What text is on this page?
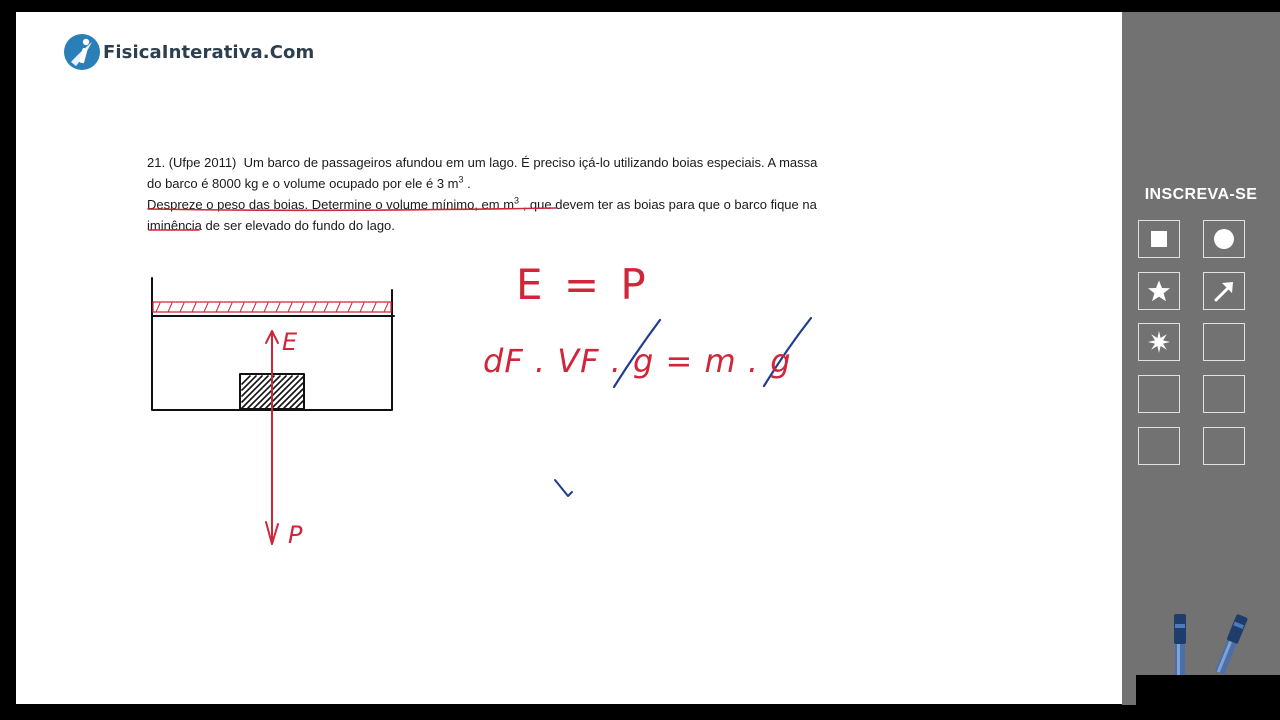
FisicaInterativa.Com

21. (Ufpe 2011) Um barco de passageiros afundou em um lago. É preciso içá-lo utilizando boias especiais. A massa

do barco é 8000 kg e o volume ocupado por ele é 3 $m^3$ .

Despreze o peso das boias. Determine o volume mínimo, em $m^3$ , que devem ter as boias para que o barco fique na

iminência de ser elevado do fundo do lago.

E
P
E = P
dF . VF . g = m . g
INSCREVA-SE
